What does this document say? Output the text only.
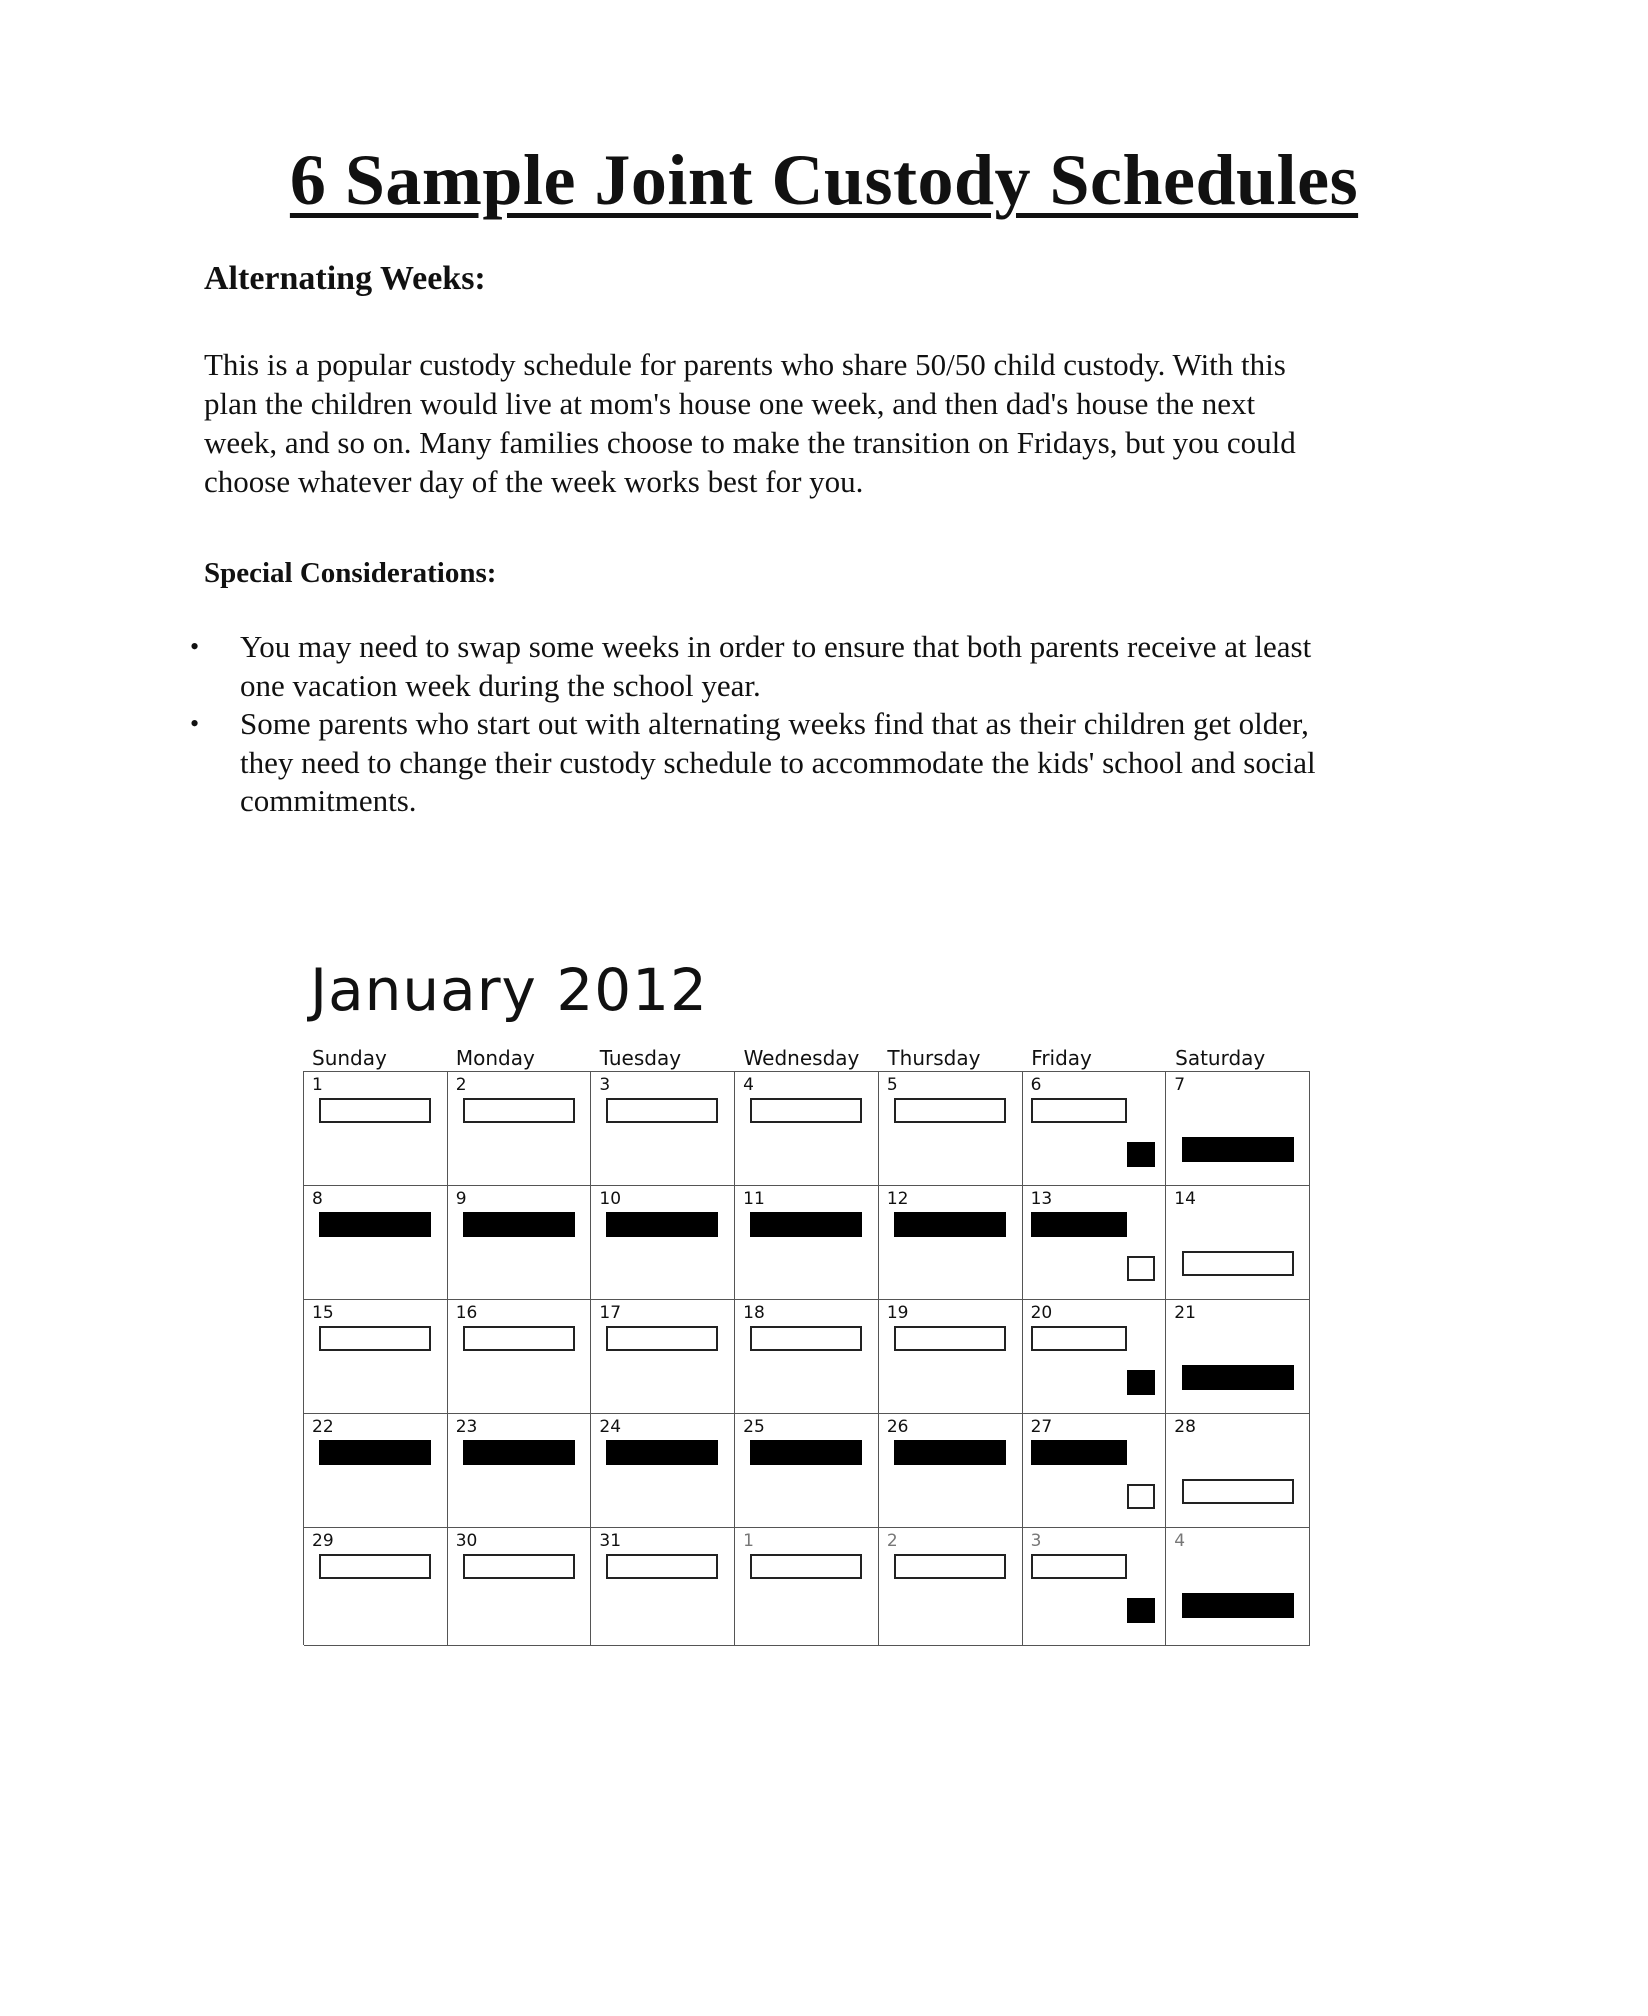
6 Sample Joint Custody Schedules
Alternating Weeks:
This is a popular custody schedule for parents who share 50/50 child custody. With this
plan the children would live at mom's house one week, and then dad's house the next
week, and so on. Many families choose to make the transition on Fridays, but you could
choose whatever day of the week works best for you.
Special Considerations:
• You may need to swap some weeks in order to ensure that both parents receive at least
one vacation week during the school year.
• Some parents who start out with alternating weeks find that as their children get older,
they need to change their custody schedule to accommodate the kids' school and social
commitments.
January 2012
Sunday	Monday	Tuesday	Wednesday	Thursday	Friday	Saturday
1	2	3	4	5	6	7
8	9	10	11	12	13	14
15	16	17	18	19	20	21
22	23	24	25	26	27	28
29	30	31	1	2	3	4
